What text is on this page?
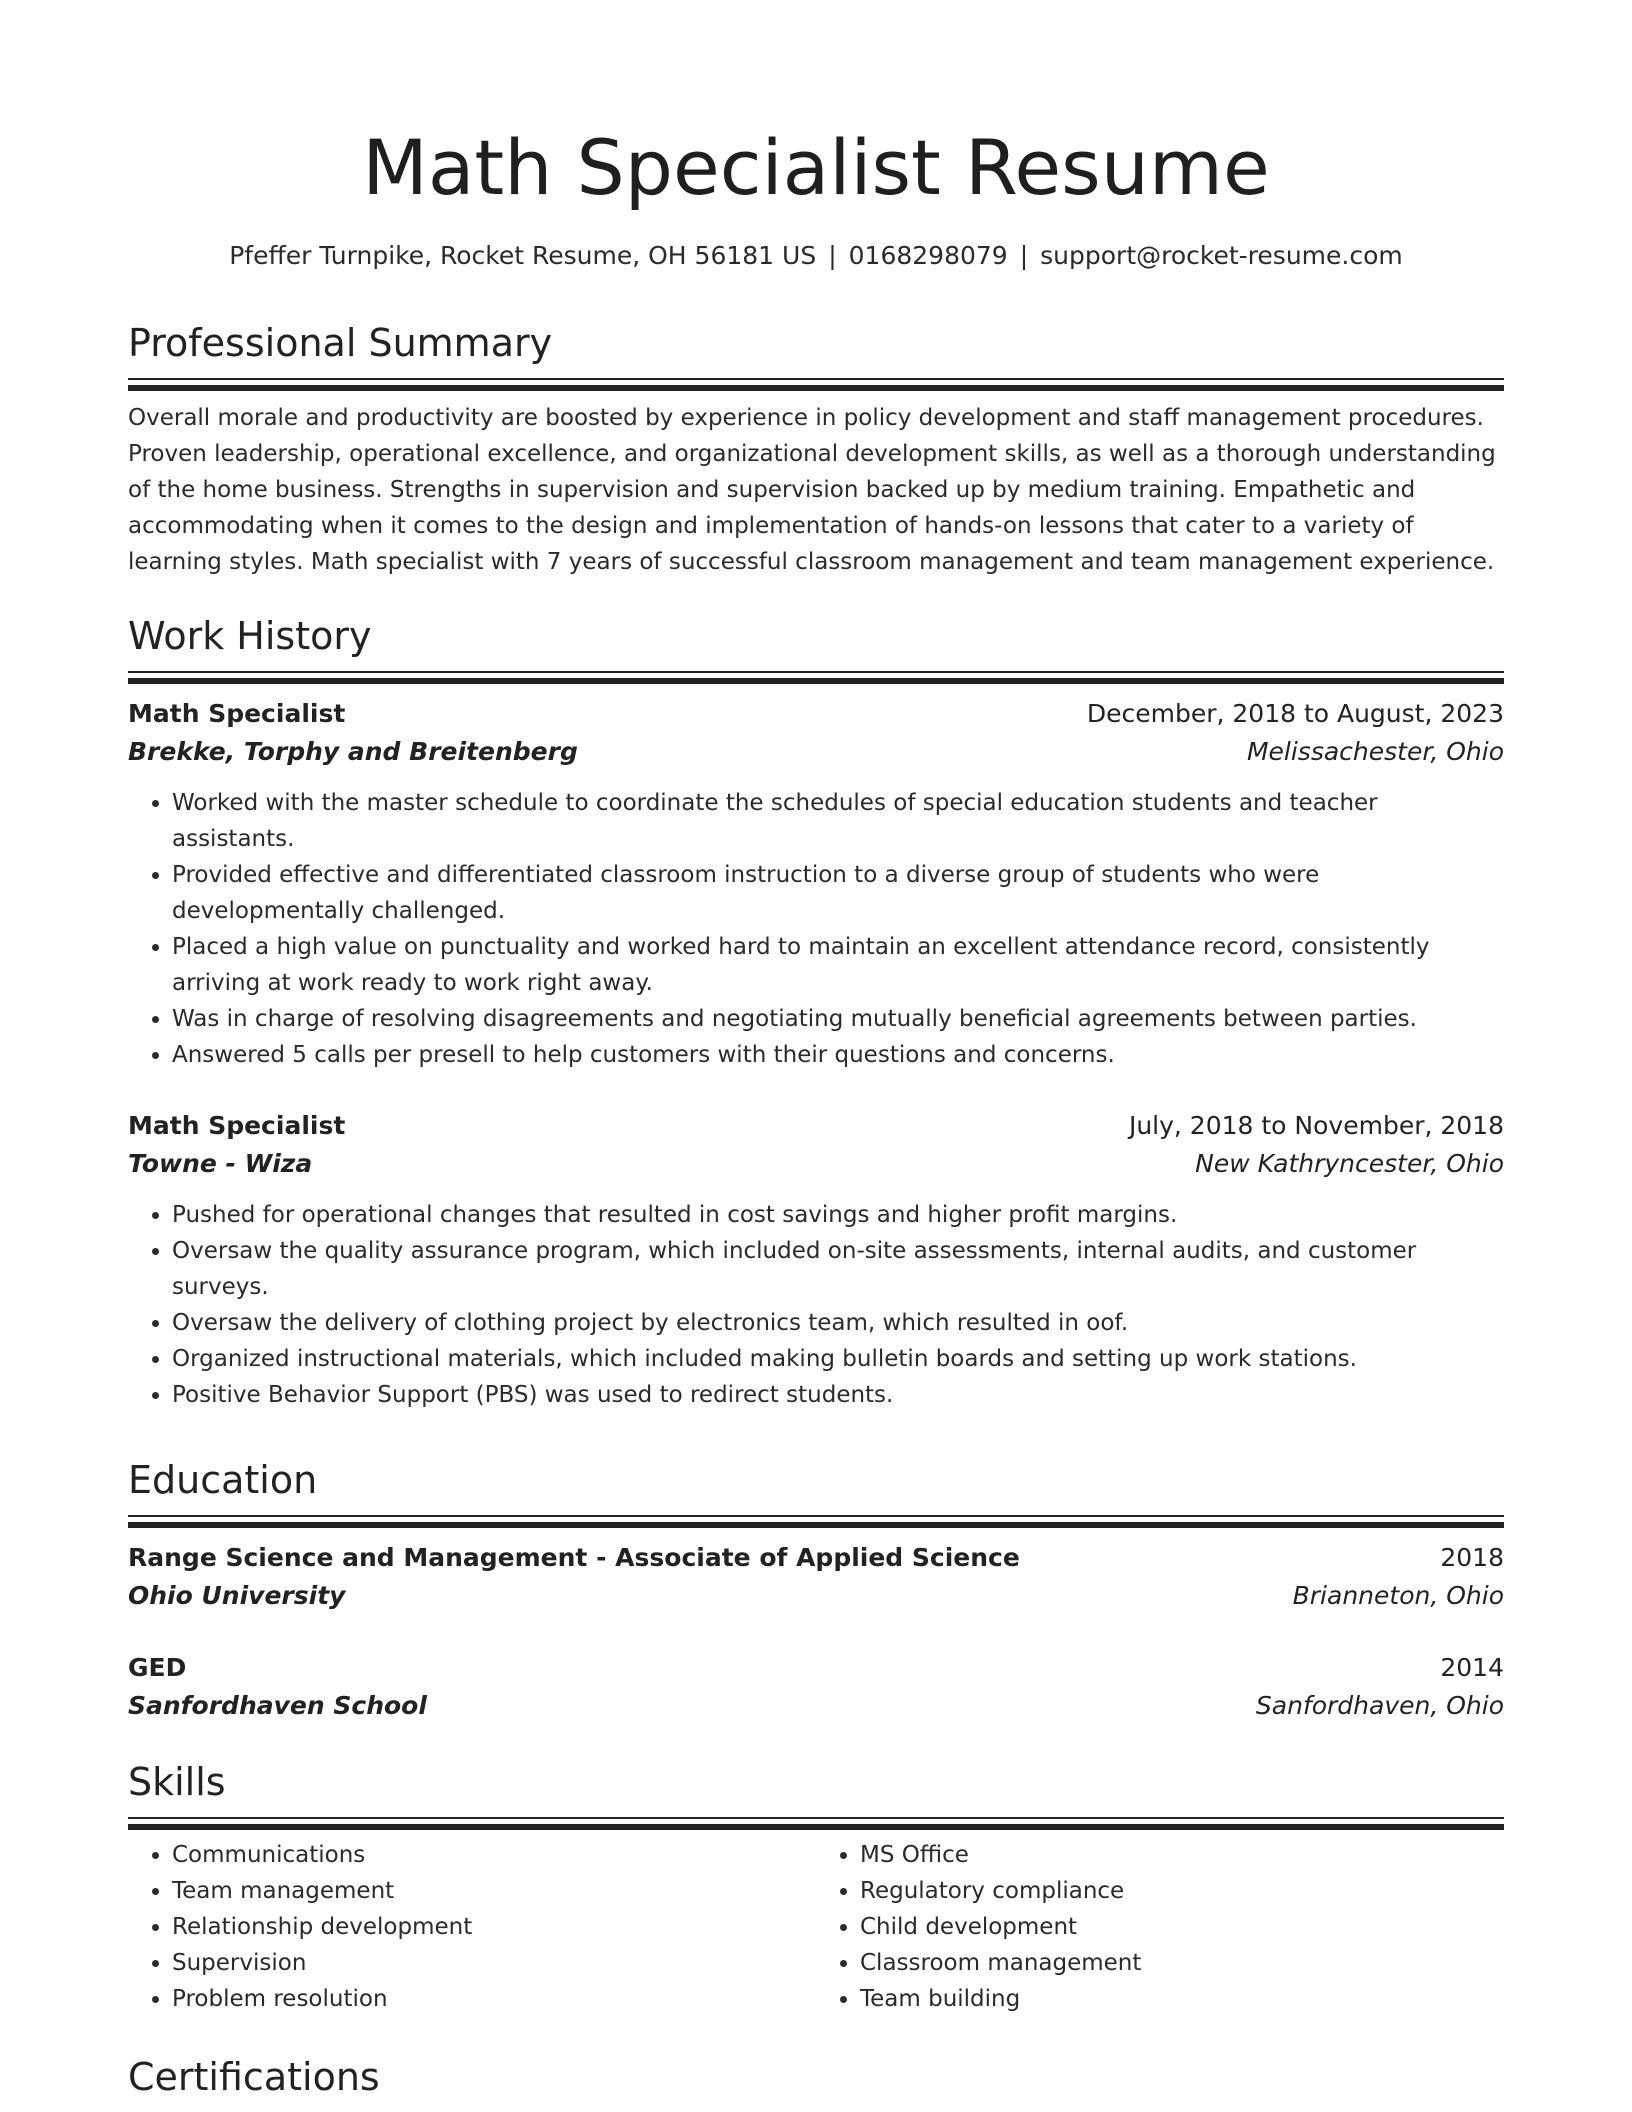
Math Specialist Resume
Pfeffer Turnpike, Rocket Resume, OH 56181 US | 0168298079 | support@rocket-resume.com
Professional Summary

Overall morale and productivity are boosted by experience in policy development and staff management procedures. Proven leadership, operational excellence, and organizational development skills, as well as a thorough understanding of the home business. Strengths in supervision and supervision backed up by medium training. Empathetic and accommodating when it comes to the design and implementation of hands-on lessons that cater to a variety of learning styles. Math specialist with 7 years of successful classroom management and team management experience.

Work History
Math Specialist	December, 2018 to August, 2023
Brekke, Torphy and Breitenberg	Melissachester, Ohio
• Worked with the master schedule to coordinate the schedules of special education students and teacher assistants.
• Provided effective and differentiated classroom instruction to a diverse group of students who were developmentally challenged.
• Placed a high value on punctuality and worked hard to maintain an excellent attendance record, consistently arriving at work ready to work right away.
• Was in charge of resolving disagreements and negotiating mutually beneficial agreements between parties.
• Answered 5 calls per presell to help customers with their questions and concerns.
Math Specialist	July, 2018 to November, 2018
Towne - Wiza	New Kathryncester, Ohio
• Pushed for operational changes that resulted in cost savings and higher profit margins.
• Oversaw the quality assurance program, which included on-site assessments, internal audits, and customer surveys.
• Oversaw the delivery of clothing project by electronics team, which resulted in oof.
• Organized instructional materials, which included making bulletin boards and setting up work stations.
• Positive Behavior Support (PBS) was used to redirect students.
Education
Range Science and Management - Associate of Applied Science	2018
Ohio University	Brianneton, Ohio
GED	2014
Sanfordhaven School	Sanfordhaven, Ohio
Skills
• Communications
• Team management
• Relationship development
• Supervision
• Problem resolution
• MS Office
• Regulatory compliance
• Child development
• Classroom management
• Team building
Certifications
